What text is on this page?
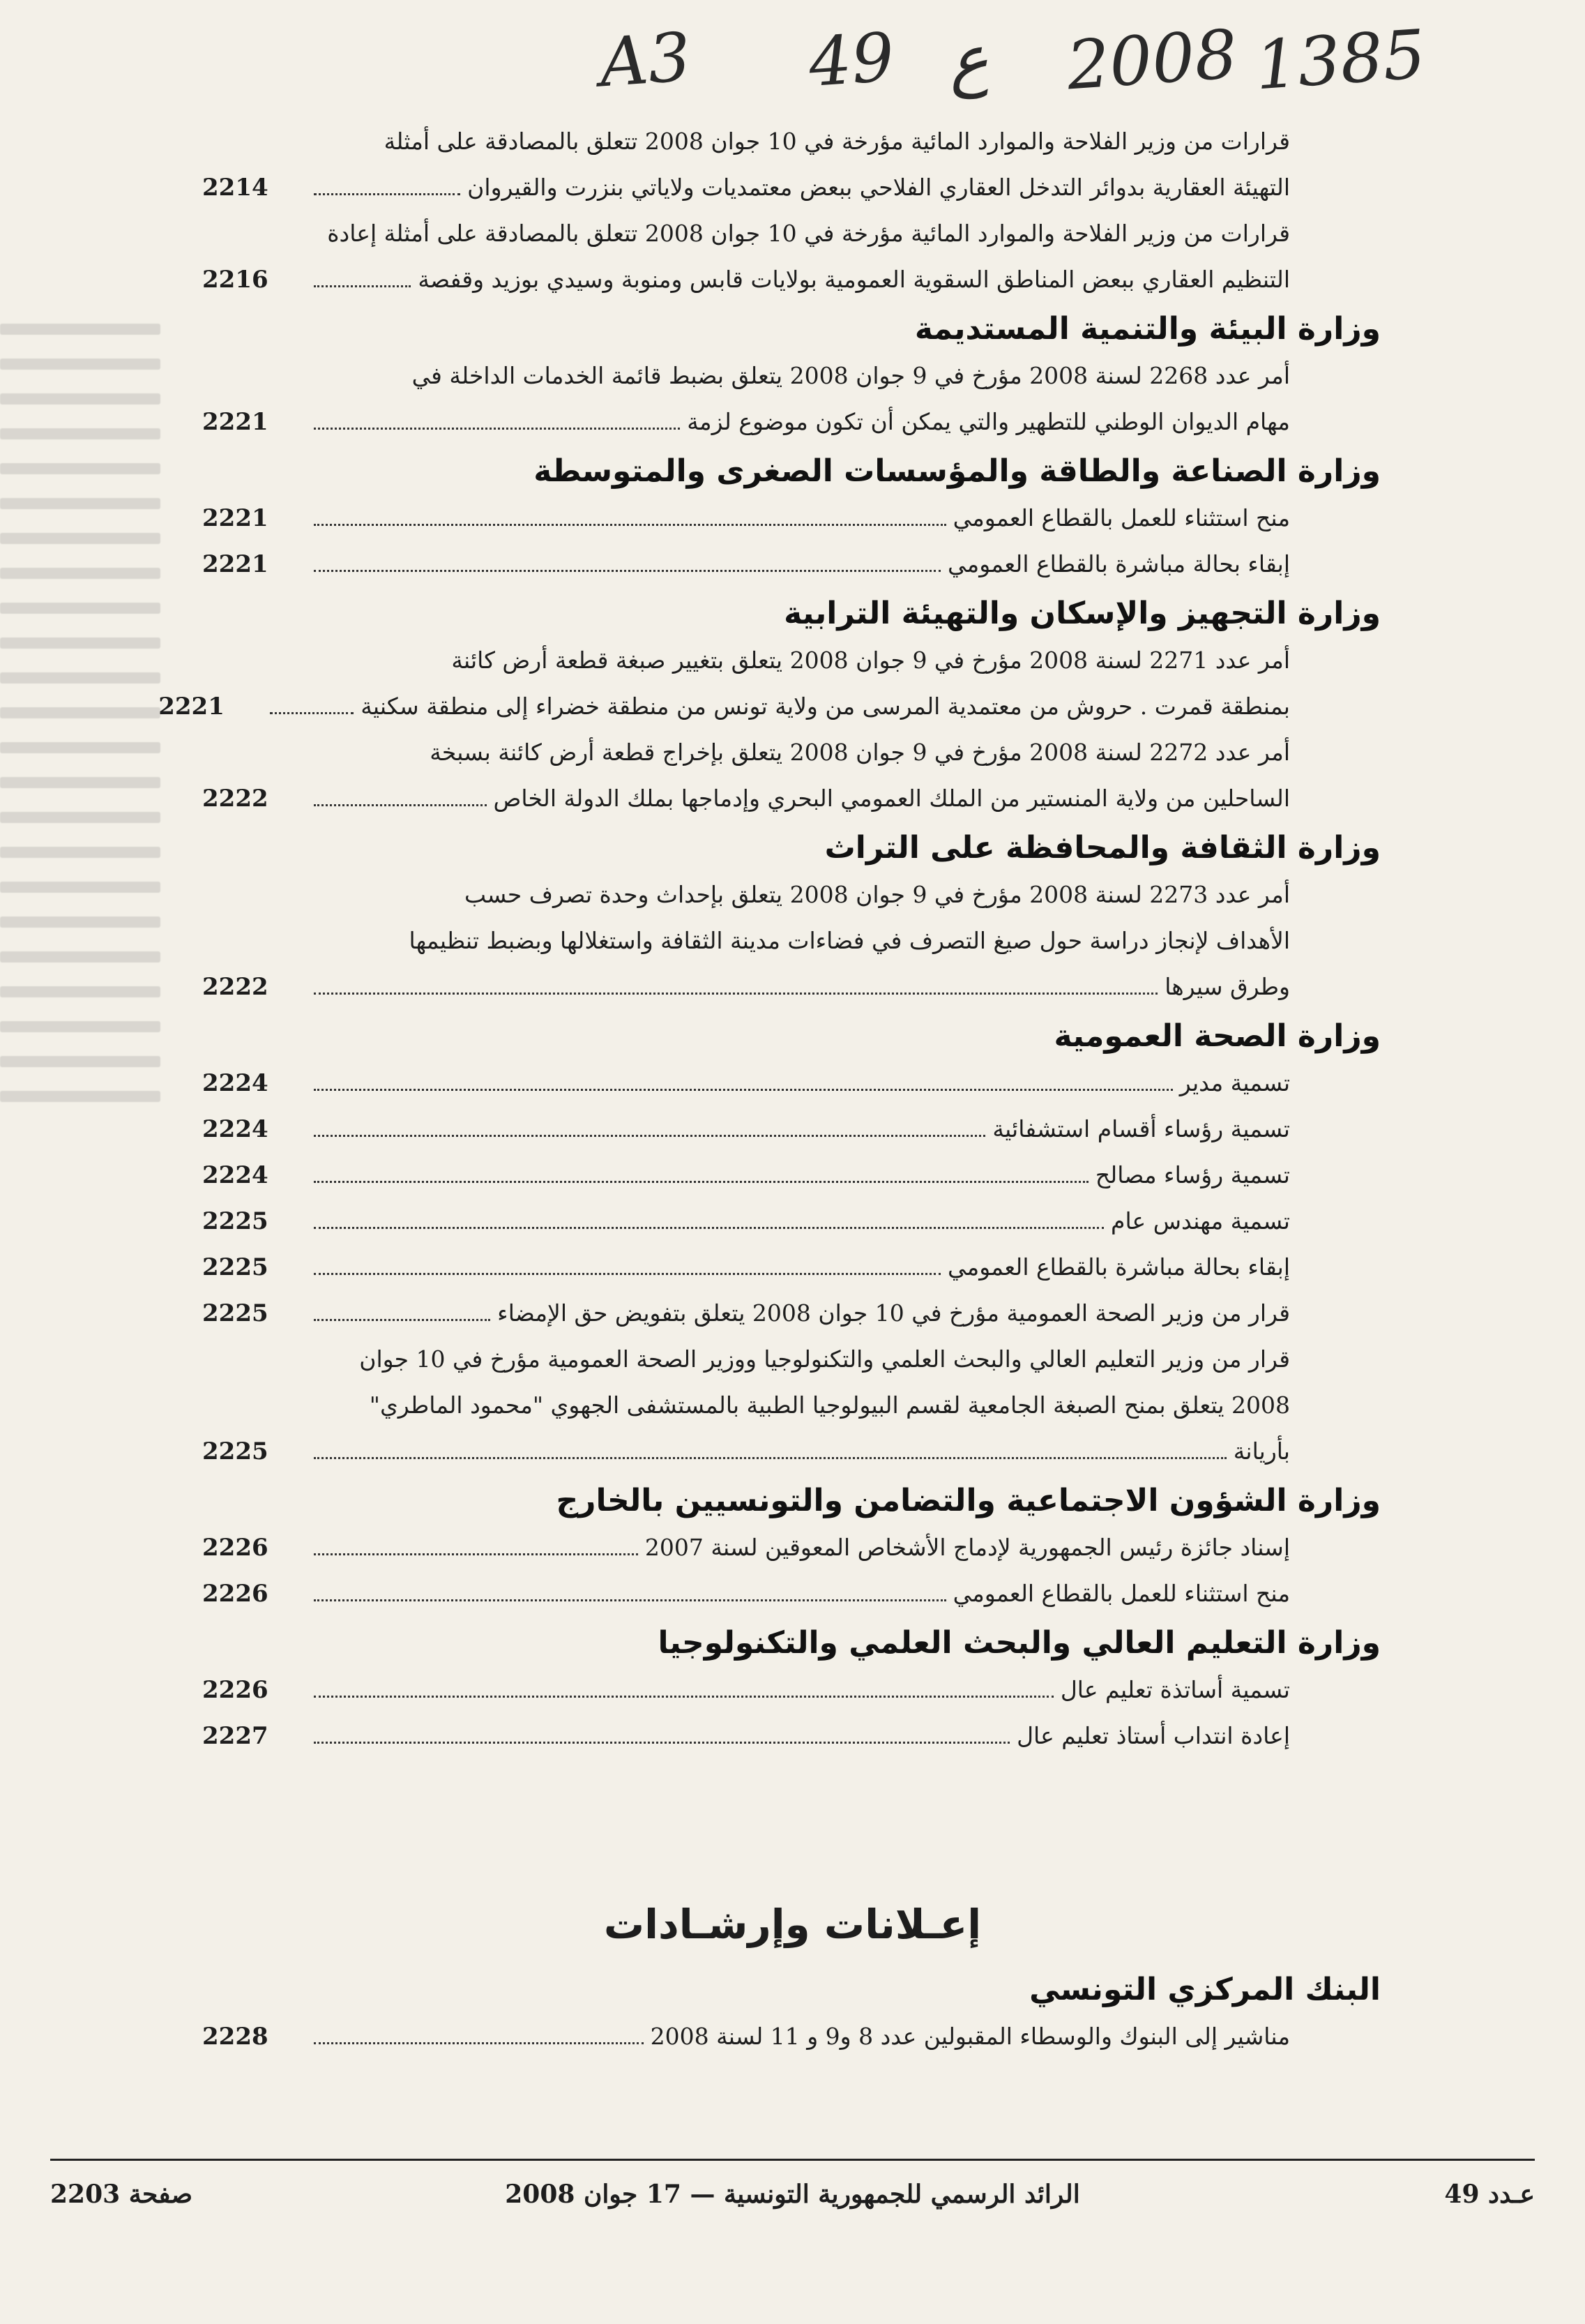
A3 49 ع 2008 1385
قرارات من وزير الفلاحة والموارد المائية مؤرخة في 10 جوان 2008 تتعلق بالمصادقة على أمثلة
التهيئة العقارية بدوائر التدخل العقاري الفلاحي ببعض معتمديات ولاياتي بنزرت والقيروان
2214
قرارات من وزير الفلاحة والموارد المائية مؤرخة في 10 جوان 2008 تتعلق بالمصادقة على أمثلة إعادة
التنظيم العقاري ببعض المناطق السقوية العمومية بولايات قابس ومنوبة وسيدي بوزيد وقفصة
2216
وزارة البيئة والتنمية المستديمة
أمر عدد 2268 لسنة 2008 مؤرخ في 9 جوان 2008 يتعلق بضبط قائمة الخدمات الداخلة في
مهام الديوان الوطني للتطهير والتي يمكن أن تكون موضوع لزمة
2221
وزارة الصناعة والطاقة والمؤسسات الصغرى والمتوسطة
منح استثناء للعمل بالقطاع العمومي
2221
إبقاء بحالة مباشرة بالقطاع العمومي
2221
وزارة التجهيز والإسكان والتهيئة الترابية
أمر عدد 2271 لسنة 2008 مؤرخ في 9 جوان 2008 يتعلق بتغيير صبغة قطعة أرض كائنة
بمنطقة قمرت . حروش من معتمدية المرسى من ولاية تونس من منطقة خضراء إلى منطقة سكنية
2221
أمر عدد 2272 لسنة 2008 مؤرخ في 9 جوان 2008 يتعلق بإخراج قطعة أرض كائنة بسبخة
الساحلين من ولاية المنستير من الملك العمومي البحري وإدماجها بملك الدولة الخاص
2222
وزارة الثقافة والمحافظة على التراث
أمر عدد 2273 لسنة 2008 مؤرخ في 9 جوان 2008 يتعلق بإحداث وحدة تصرف حسب
الأهداف لإنجاز دراسة حول صيغ التصرف في فضاءات مدينة الثقافة واستغلالها وبضبط تنظيمها
وطرق سيرها
2222
وزارة الصحة العمومية
تسمية مدير
2224
تسمية رؤساء أقسام استشفائية
2224
تسمية رؤساء مصالح
2224
تسمية مهندس عام
2225
إبقاء بحالة مباشرة بالقطاع العمومي
2225
قرار من وزير الصحة العمومية مؤرخ في 10 جوان 2008 يتعلق بتفويض حق الإمضاء
2225
قرار من وزير التعليم العالي والبحث العلمي والتكنولوجيا ووزير الصحة العمومية مؤرخ في 10 جوان
2008 يتعلق بمنح الصبغة الجامعية لقسم البيولوجيا الطبية بالمستشفى الجهوي "محمود الماطري"
بأريانة
2225
وزارة الشؤون الاجتماعية والتضامن والتونسيين بالخارج
إسناد جائزة رئيس الجمهورية لإدماج الأشخاص المعوقين لسنة 2007
2226
منح استثناء للعمل بالقطاع العمومي
2226
وزارة التعليم العالي والبحث العلمي والتكنولوجيا
تسمية أساتذة تعليم عال
2226
إعادة انتداب أستاذ تعليم عال
2227
إعـلانات وإرشـادات
البنك المركزي التونسي
مناشير إلى البنوك والوسطاء المقبولين عدد 8 و9 و 11 لسنة 2008
2228
عـدد 49
الرائد الرسمي للجمهورية التونسية — 17 جوان 2008
صفحة 2203
